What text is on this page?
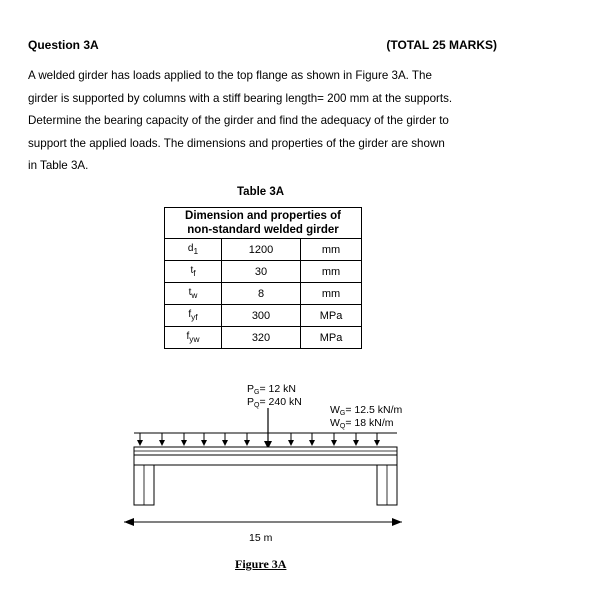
Question 3A	(TOTAL 25 MARKS)
A welded girder has loads applied to the top flange as shown in Figure 3A. The
girder is supported by columns with a stiff bearing length= 200 mm at the supports.
Determine the bearing capacity of the girder and find the adequacy of the girder to
support the applied loads. The dimensions and properties of the girder are shown
in Table 3A.
Table 3A
Dimension and properties of
non-standard welded girder		
$d_1$	1200	mm
$t_f$	30	mm
$t_w$	8	mm
$f_{yf}$	300	MPa
$f_{yw}$	320	MPa
PG= 12 kN
PQ= 240 kN
WG= 12.5 kN/m
WQ= 18 kN/m
15 m
Figure 3A
